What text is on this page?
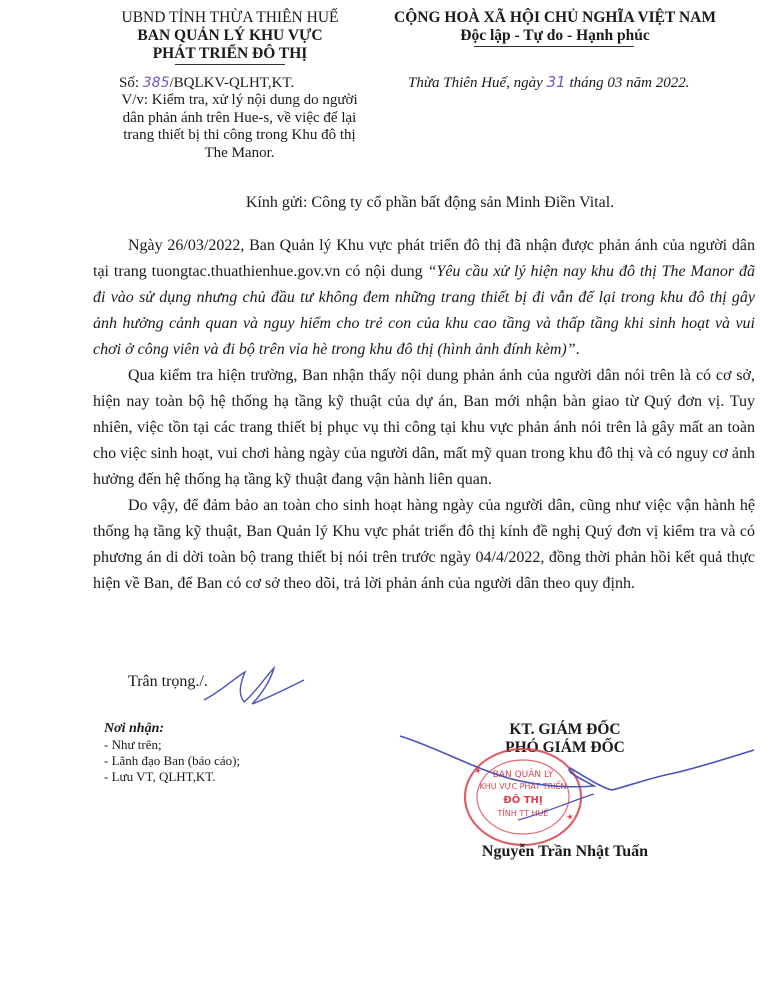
UBND TỈNH THỪA THIÊN HUẾ
BAN QUẢN LÝ KHU VỰC
PHÁT TRIỂN ĐÔ THỊ
CỘNG HOÀ XÃ HỘI CHỦ NGHĨA VIỆT NAM
Độc lập - Tự do - Hạnh phúc
Số: 385/BQLKV-QLHT,KT.	Thừa Thiên Huế, ngày 31 tháng 03 năm 2022.
V/v: Kiểm tra, xử lý nội dung do người
dân phản ánh trên Hue-s, về việc để lại
trang thiết bị thi công trong Khu đô thị
The Manor.
Kính gửi: Công ty cổ phần bất động sản Minh Điền Vital.

Ngày 26/03/2022, Ban Quản lý Khu vực phát triển đô thị đã nhận được phản ánh của người dân tại trang tuongtac.thuathienhue.gov.vn có nội dung “Yêu cầu xử lý hiện nay khu đô thị The Manor đã đi vào sử dụng nhưng chủ đầu tư không đem những trang thiết bị đi vẫn để lại trong khu đô thị gây ảnh hưởng cảnh quan và nguy hiểm cho trẻ con của khu cao tầng và thấp tầng khi sinh hoạt và vui chơi ở công viên và đi bộ trên vỉa hè trong khu đô thị (hình ảnh đính kèm)”.

Qua kiểm tra hiện trường, Ban nhận thấy nội dung phản ánh của người dân nói trên là có cơ sở, hiện nay toàn bộ hệ thống hạ tầng kỹ thuật của dự án, Ban mới nhận bàn giao từ Quý đơn vị. Tuy nhiên, việc tồn tại các trang thiết bị phục vụ thi công tại khu vực phản ánh nói trên là gây mất an toàn cho việc sinh hoạt, vui chơi hàng ngày của người dân, mất mỹ quan trong khu đô thị và có nguy cơ ảnh hưởng đến hệ thống hạ tầng kỹ thuật đang vận hành liên quan.

Do vậy, để đảm bảo an toàn cho sinh hoạt hàng ngày của người dân, cũng như việc vận hành hệ thống hạ tầng kỹ thuật, Ban Quản lý Khu vực phát triển đô thị kính đề nghị Quý đơn vị kiểm tra và có phương án di dời toàn bộ trang thiết bị nói trên trước ngày 04/4/2022, đồng thời phản hồi kết quả thực hiện về Ban, để Ban có cơ sở theo dõi, trả lời phản ánh của người dân theo quy định.

Trân trọng./.
Nơi nhận:
- Như trên;
- Lãnh đạo Ban (báo cáo);
- Lưu VT, QLHT,KT.
KT. GIÁM ĐỐC
PHÓ GIÁM ĐỐC
BAN QUẢN LÝ
KHU VỰC PHÁT TRIỂN
ĐÔ THỊ
TỈNH TT HUẾ
★
★
Nguyễn Trần Nhật Tuấn
